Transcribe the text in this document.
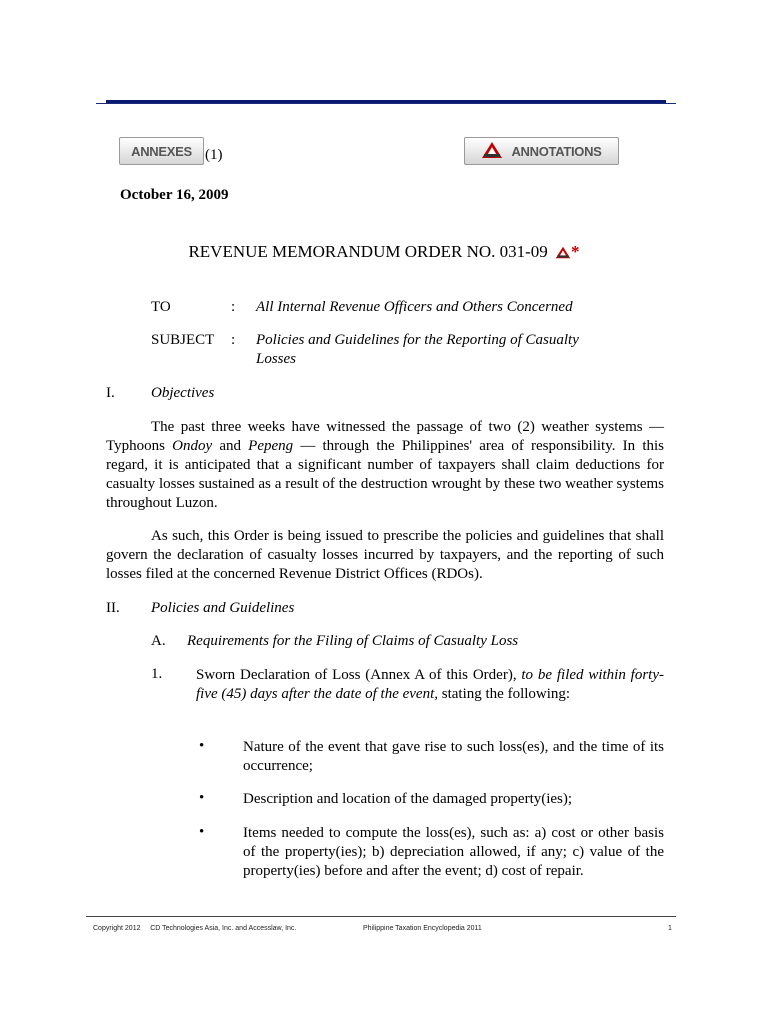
ANNEXES (1)	ANNOTATIONS
October 16, 2009
REVENUE MEMORANDUM ORDER NO. 031-09 *
TO	: All Internal Revenue Officers and Others Concerned
SUBJECT : Policies and Guidelines for the Reporting of Casualty
Losses
I. Objectives

The past three weeks have witnessed the passage of two (2) weather systems — Typhoons Ondoy and Pepeng — through the Philippines' area of responsibility. In this regard, it is anticipated that a significant number of taxpayers shall claim deductions for casualty losses sustained as a result of the destruction wrought by these two weather systems throughout Luzon.

As such, this Order is being issued to prescribe the policies and guidelines that shall govern the declaration of casualty losses incurred by taxpayers, and the reporting of such losses filed at the concerned Revenue District Offices (RDOs).

II. Policies and Guidelines
A. Requirements for the Filing of Claims of Casualty Loss
1. Sworn Declaration of Loss (Annex A of this Order), to be filed within forty-five (45) days after the date of the event, stating the following:
•	Nature of the event that gave rise to such loss(es), and the time of its occurrence;
•	Description and location of the damaged property(ies);
•	Items needed to compute the loss(es), such as: a) cost or other basis of the property(ies); b) depreciation allowed, if any; c) value of the property(ies) before and after the event; d) cost of repair.
Copyright 2012     CD Technologies Asia, Inc. and Accesslaw, Inc.	Philippine Taxation Encyclopedia 2011	1
